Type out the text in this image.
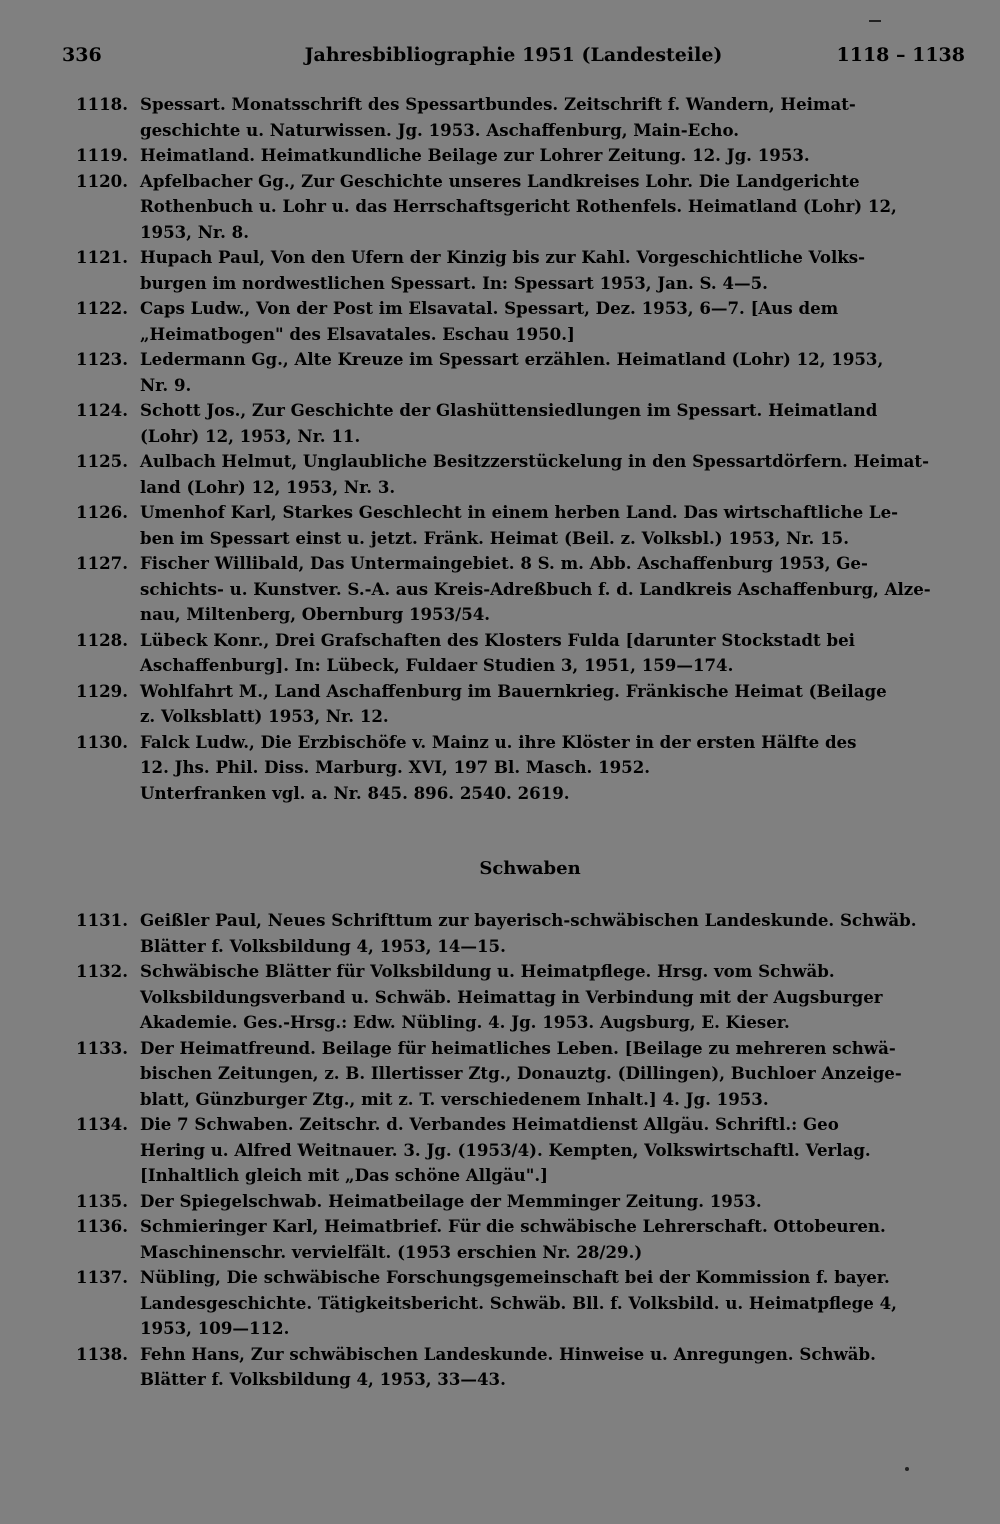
336	Jahresbibliographie 1951 (Landesteile)	1118 – 1138
1118. Spessart. Monatsschrift des Spessartbundes. Zeitschrift f. Wandern, Heimat-
geschichte u. Naturwissen. Jg. 1953. Aschaffenburg, Main-Echo.
1119. Heimatland. Heimatkundliche Beilage zur Lohrer Zeitung. 12. Jg. 1953.
1120. Apfelbacher Gg., Zur Geschichte unseres Landkreises Lohr. Die Landgerichte
Rothenbuch u. Lohr u. das Herrschaftsgericht Rothenfels. Heimatland (Lohr) 12,
1953, Nr. 8.
1121. Hupach Paul, Von den Ufern der Kinzig bis zur Kahl. Vorgeschichtliche Volks-
burgen im nordwestlichen Spessart. In: Spessart 1953, Jan. S. 4—5.
1122. Caps Ludw., Von der Post im Elsavatal. Spessart, Dez. 1953, 6—7. [Aus dem
„Heimatbogen" des Elsavatales. Eschau 1950.]
1123. Ledermann Gg., Alte Kreuze im Spessart erzählen. Heimatland (Lohr) 12, 1953,
Nr. 9.
1124. Schott Jos., Zur Geschichte der Glashüttensiedlungen im Spessart. Heimatland
(Lohr) 12, 1953, Nr. 11.
1125. Aulbach Helmut, Unglaubliche Besitzzerstückelung in den Spessartdörfern. Heimat-
land (Lohr) 12, 1953, Nr. 3.
1126. Umenhof Karl, Starkes Geschlecht in einem herben Land. Das wirtschaftliche Le-
ben im Spessart einst u. jetzt. Fränk. Heimat (Beil. z. Volksbl.) 1953, Nr. 15.
1127. Fischer Willibald, Das Untermaingebiet. 8 S. m. Abb. Aschaffenburg 1953, Ge-
schichts- u. Kunstver. S.-A. aus Kreis-Adreßbuch f. d. Landkreis Aschaffenburg, Alze-
nau, Miltenberg, Obernburg 1953/54.
1128. Lübeck Konr., Drei Grafschaften des Klosters Fulda [darunter Stockstadt bei
Aschaffenburg]. In: Lübeck, Fuldaer Studien 3, 1951, 159—174.
1129. Wohlfahrt M., Land Aschaffenburg im Bauernkrieg. Fränkische Heimat (Beilage
z. Volksblatt) 1953, Nr. 12.
1130. Falck Ludw., Die Erzbischöfe v. Mainz u. ihre Klöster in der ersten Hälfte des
12. Jhs. Phil. Diss. Marburg. XVI, 197 Bl. Masch. 1952.
Unterfranken vgl. a. Nr. 845. 896. 2540. 2619.
Schwaben
1131. Geißler Paul, Neues Schrifttum zur bayerisch-schwäbischen Landeskunde. Schwäb.
Blätter f. Volksbildung 4, 1953, 14—15.
1132. Schwäbische Blätter für Volksbildung u. Heimatpflege. Hrsg. vom Schwäb.
Volksbildungsverband u. Schwäb. Heimattag in Verbindung mit der Augsburger
Akademie. Ges.-Hrsg.: Edw. Nübling. 4. Jg. 1953. Augsburg, E. Kieser.
1133. Der Heimatfreund. Beilage für heimatliches Leben. [Beilage zu mehreren schwä-
bischen Zeitungen, z. B. Illertisser Ztg., Donauztg. (Dillingen), Buchloer Anzeige-
blatt, Günzburger Ztg., mit z. T. verschiedenem Inhalt.] 4. Jg. 1953.
1134. Die 7 Schwaben. Zeitschr. d. Verbandes Heimatdienst Allgäu. Schriftl.: Geo
Hering u. Alfred Weitnauer. 3. Jg. (1953/4). Kempten, Volkswirtschaftl. Verlag.
[Inhaltlich gleich mit „Das schöne Allgäu".]
1135. Der Spiegelschwab. Heimatbeilage der Memminger Zeitung. 1953.
1136. Schmieringer Karl, Heimatbrief. Für die schwäbische Lehrerschaft. Ottobeuren.
Maschinenschr. vervielfält. (1953 erschien Nr. 28/29.)
1137. Nübling, Die schwäbische Forschungsgemeinschaft bei der Kommission f. bayer.
Landesgeschichte. Tätigkeitsbericht. Schwäb. Bll. f. Volksbild. u. Heimatpflege 4,
1953, 109—112.
1138. Fehn Hans, Zur schwäbischen Landeskunde. Hinweise u. Anregungen. Schwäb.
Blätter f. Volksbildung 4, 1953, 33—43.
